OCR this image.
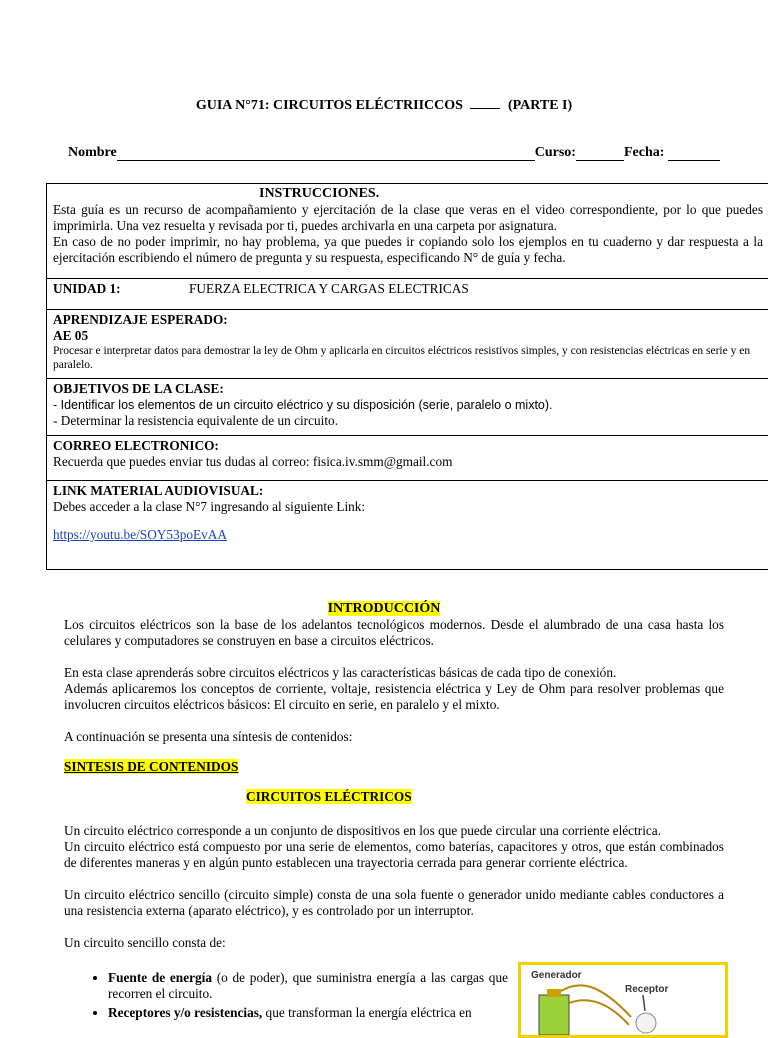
GUIA N°71: CIRCUITOS ELÉCTRIICCOS	(PARTE I)
Nombre	Curso:	Fecha:
INSTRUCCIONES.
Esta guía es un recurso de acompañamiento y ejercitación de la clase que veras en el video correspondiente, por lo que puedes imprimirla. Una vez resuelta y revisada por ti, puedes archivarla en una carpeta por asignatura.
En caso de no poder imprimir, no hay problema, ya que puedes ir copiando solo los ejemplos en tu cuaderno y dar respuesta a la ejercitación escribiendo el número de pregunta y su respuesta, especificando N° de guía y fecha.

UNIDAD 1:	FUERZA ELECTRICA Y CARGAS ELECTRICAS

APRENDIZAJE ESPERADO:
AE 05
Procesar e interpretar datos para demostrar la ley de Ohm y aplicarla en circuitos eléctricos resistivos simples, y con resistencias eléctricas en serie y en paralelo.

OBJETIVOS DE LA CLASE:
- Identificar los elementos de un circuito eléctrico y su disposición (serie, paralelo o mixto).
- Determinar la resistencia equivalente de un circuito.

CORREO ELECTRONICO:
Recuerda que puedes enviar tus dudas al correo: fisica.iv.smm@gmail.com

LINK MATERIAL AUDIOVISUAL:
Debes acceder a la clase N°7 ingresando al siguiente Link:
https://youtu.be/SOY53poEvAA
INTRODUCCIÓN
Los circuitos eléctricos son la base de los adelantos tecnológicos modernos. Desde el alumbrado de una casa hasta los celulares y computadores se construyen en base a circuitos eléctricos.
En esta clase aprenderás sobre circuitos eléctricos y las características básicas de cada tipo de conexión.
Además aplicaremos los conceptos de corriente, voltaje, resistencia eléctrica y Ley de Ohm para resolver problemas que involucren circuitos eléctricos básicos: El circuito en serie, en paralelo y el mixto.
A continuación se presenta una síntesis de contenidos:
SINTESIS DE CONTENIDOS
CIRCUITOS ELÉCTRICOS
Un circuito eléctrico corresponde a un conjunto de dispositivos en los que puede circular una corriente eléctrica.
Un circuito eléctrico está compuesto por una serie de elementos, como baterías, capacitores y otros, que están combinados de diferentes maneras y en algún punto establecen una trayectoria cerrada para generar corriente eléctrica.
Un circuito eléctrico sencillo (circuito simple) consta de una sola fuente o generador unido mediante cables conductores a una resistencia externa (aparato eléctrico), y es controlado por un interruptor.
Un circuito sencillo consta de:
• Fuente de energía (o de poder), que suministra energía a las cargas que recorren el circuito.
• Receptores y/o resistencias, que transforman la energía eléctrica en
Generador
Receptor
